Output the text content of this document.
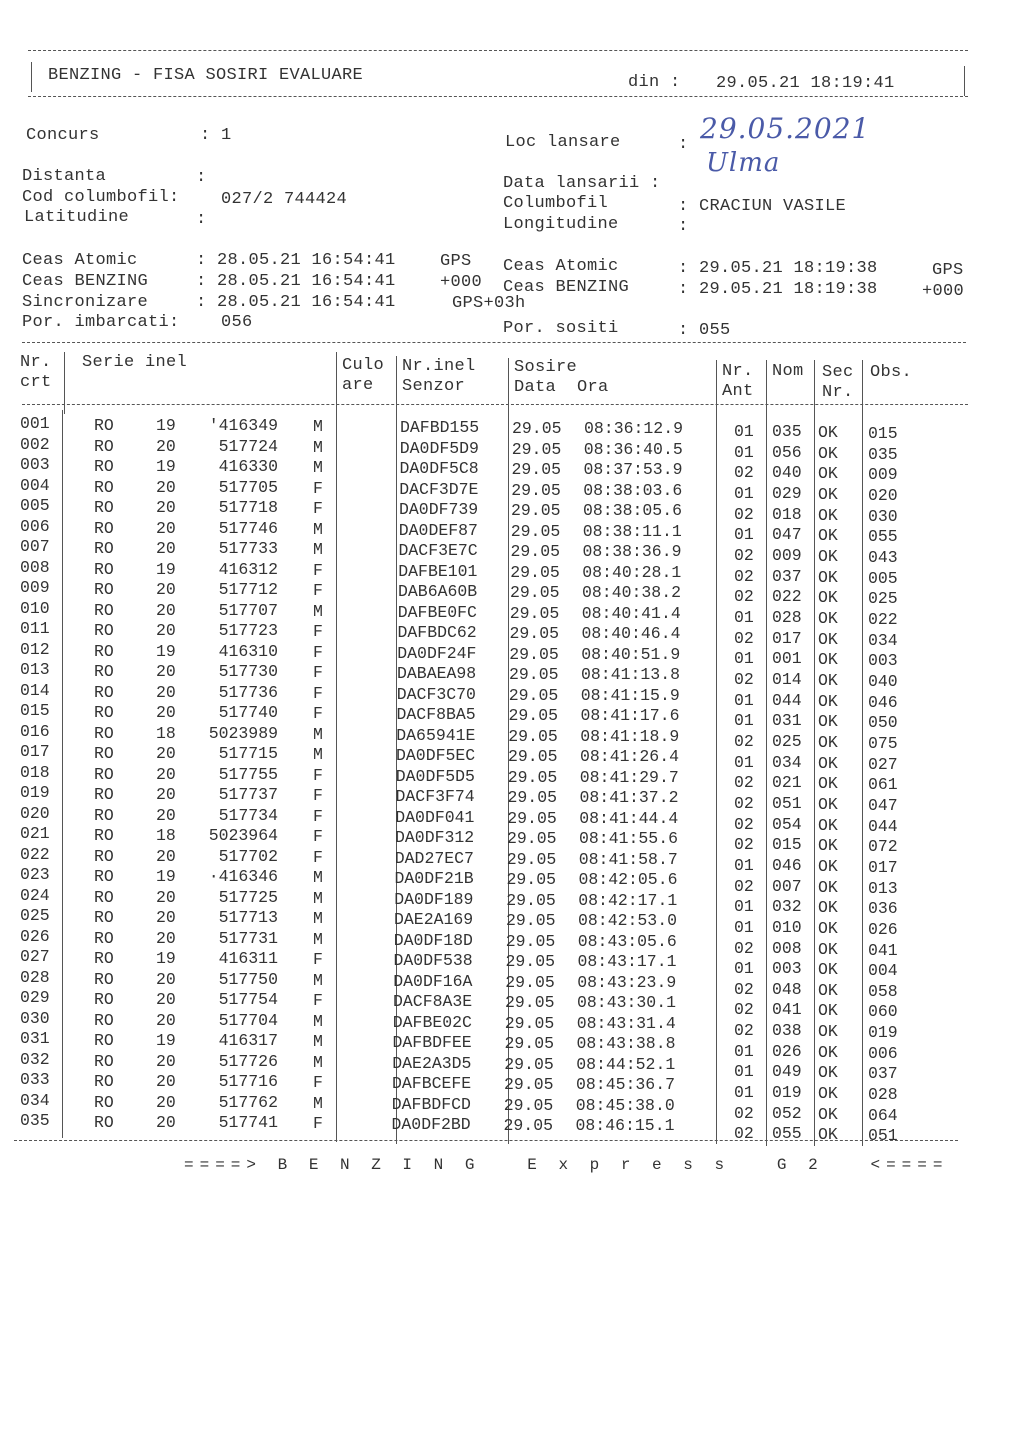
BENZING - FISA SOSIRI EVALUARE	din : 29.05.21 18:19:41
Concurs	: 1	Loc lansare	: 29.05.2021
Ulma
Distanta	:	Data lansarii :
Cod columbofil: 027/2 744424	Columbofil	: CRACIUN VASILE
Latitudine	:	Longitudine	:
Ceas Atomic	: 28.05.21 16:54:41	GPS
Ceas BENZING	: 28.05.21 16:54:41	+000
Sincronizare	: 28.05.21 16:54:41	GPS+03h
Por. imbarcati: 056
Ceas Atomic	: 29.05.21 18:19:38	GPS
Ceas BENZING	: 29.05.21 18:19:38	+000
Por. sositi	: 055
Nr.
crt
Serie inel	Culo
are
Nr.inel
Senzor
Sosire
Data  Ora
Nr.
Ant
Nom Sec
Nr.
Obs.
001	RO	19 '416349 M	DAFBD155 29.05 08:36:12.9	01 035 OK 015
002	RO	20	517724 M	DA0DF5D9 29.05 08:36:40.5	01 056 OK 035
003	RO	19	416330 M	DA0DF5C8 29.05 08:37:53.9	02 040 OK 009
004	RO	20	517705 F	DACF3D7E 29.05 08:38:03.6	01 029 OK 020
005	RO	20	517718 F	DA0DF739 29.05 08:38:05.6	02 018 OK 030
006	RO	20	517746 M	DA0DEF87 29.05 08:38:11.1	01 047 OK 055
007	RO	20	517733 M	DACF3E7C 29.05 08:38:36.9	02 009 OK 043
008	RO	19	416312 F	DAFBE101 29.05 08:40:28.1	02 037 OK 005
009	RO	20	517712 F	DAB6A60B 29.05 08:40:38.2	02 022 OK 025
010	RO	20	517707 M	DAFBE0FC 29.05 08:40:41.4	01 028 OK 022
011	RO	20	517723 F	DAFBDC62 29.05 08:40:46.4	02 017 OK 034
012	RO	19	416310 F	DA0DF24F 29.05 08:40:51.9	01 001 OK 003
013	RO	20	517730 F	DABAEA98 29.05 08:41:13.8	02 014 OK 040
014	RO	20	517736 F	DACF3C70 29.05 08:41:15.9	01 044 OK 046
015	RO	20	517740 F	DACF8BA5 29.05 08:41:17.6	01 031 OK 050
016	RO	18 5023989 M	DA65941E 29.05 08:41:18.9	02 025 OK 075
017	RO	20	517715 M	DA0DF5EC 29.05 08:41:26.4	01 034 OK 027
018	RO	20	517755 F	DA0DF5D5 29.05 08:41:29.7	02 021 OK 061
019	RO	20	517737 F	DACF3F74 29.05 08:41:37.2	02 051 OK 047
020	RO	20	517734 F	DA0DF041 29.05 08:41:44.4	02 054 OK 044
021	RO	18 5023964 F	DA0DF312 29.05 08:41:55.6	02 015 OK 072
022	RO	20	517702 F	DAD27EC7 29.05 08:41:58.7	01 046 OK 017
023	RO	19 ·416346 M	DA0DF21B 29.05 08:42:05.6	02 007 OK 013
024	RO	20	517725 M	DA0DF189 29.05 08:42:17.1	01 032 OK 036
025	RO	20	517713 M	DAE2A169 29.05 08:42:53.0	01 010 OK 026
026	RO	20	517731 M	DA0DF18D 29.05 08:43:05.6	02 008 OK 041
027	RO	19	416311 F	DA0DF538 29.05 08:43:17.1	01 003 OK 004
028	RO	20	517750 M	DA0DF16A 29.05 08:43:23.9	02 048 OK 058
029	RO	20	517754 F	DACF8A3E 29.05 08:43:30.1	02 041 OK 060
030	RO	20	517704 M	DAFBE02C 29.05 08:43:31.4	02 038 OK 019
031	RO	19	416317 M	DAFBDFEE 29.05 08:43:38.8	01 026 OK 006
032	RO	20	517726 M	DAE2A3D5 29.05 08:44:52.1	01 049 OK 037
033	RO	20	517716 F	DAFBCEFE 29.05 08:45:36.7	01 019 OK 028
034	RO	20	517762 M	DAFBDFCD 29.05 08:45:38.0	02 052 OK 064
035	RO	20	517741 F	DA0DF2BD 29.05 08:46:15.1	02 055 OK 051
====> B E N Z I N G   E x p r e s s   G 2   <====
